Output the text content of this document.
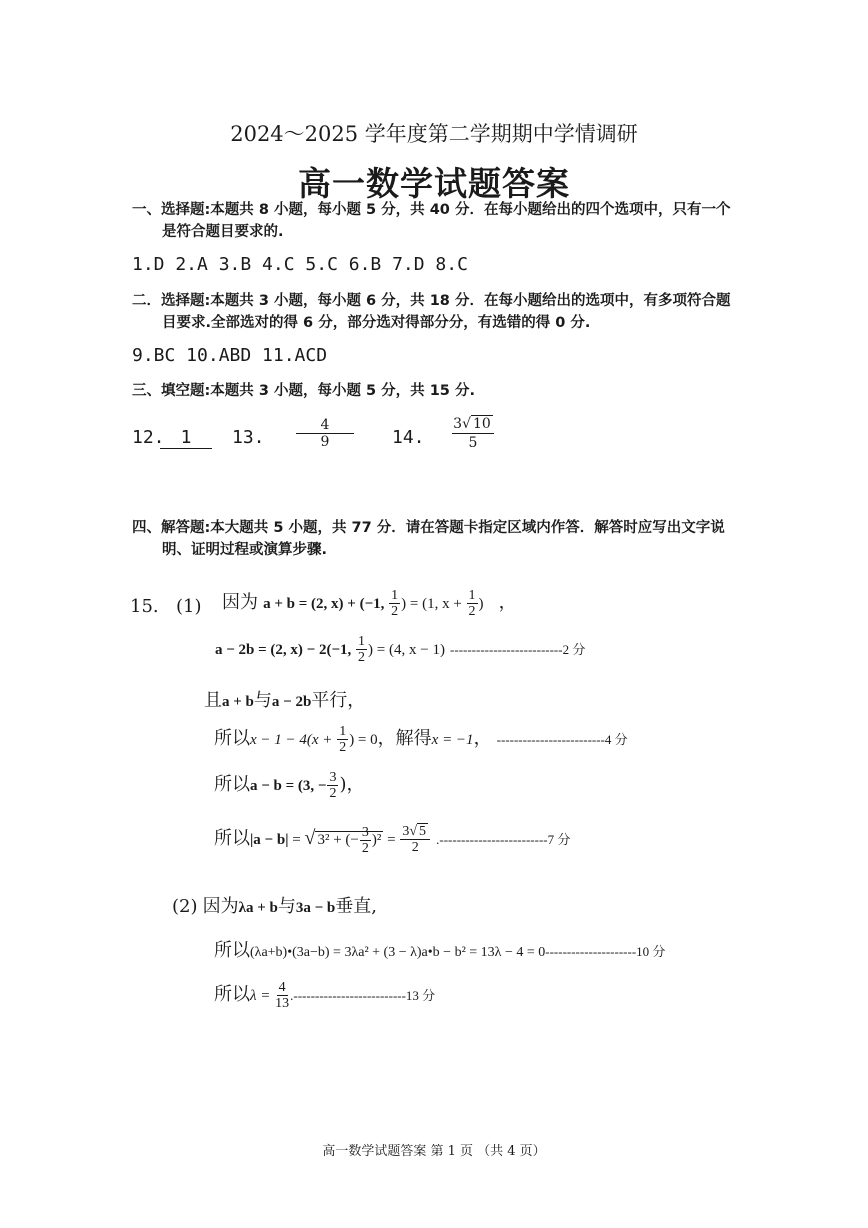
2024～2025 学年度第二学期期中学情调研
高一数学试题答案
一、选择题:本题共 8 小题，每小题 5 分，共 40 分．在每小题给出的四个选项中，只有一个
是符合题目要求的.
1.D 2.A 3.B 4.C 5.C 6.B 7.D 8.C
二．选择题:本题共 3 小题，每小题 6 分，共 18 分．在每小题给出的选项中，有多项符合题
目要求.全部选对的得 6 分，部分选对得部分分，有选错的得 0 分.
9.BC 10.ABD 11.ACD
三、填空题:本题共 3 小题，每小题 5 分，共 15 分.
12. 1	13. $\frac{4}{9} 14$. $\frac{3√ 10}{5}$
四、解答题:本大题共 5 小题，共 77 分．请在答题卡指定区域内作答．解答时应写出文字说
明、证明过程或演算步骤.
15. (1) 因为 a + b = (2, x) + (−1, $\frac{1}{2}$ ) = (1, $x + \frac{1}{2}$ ) ，
a − 2b = (2, x) − 2(−1, $\frac{1}{2}$ ) = (4, x − 1) --------------------------2 分
且a + b与a − 2b平行，
所以$x - 1 - 4(x + \frac{1}{2}$ ) = 0，解得x = −1， -------------------------4 分
所以a − b = (3, − $\frac{3}{2}$ )，
所以|a − b| = √ 3² + (− $\frac{3}{2} )^2 = \frac{3√ 5}{2} .-------------------------7$ 分
(2) 因为λa + b与3a − b垂直,
所以(λa+b)•(3a−b) = 3λa² + (3 − λ)a•b − b² = 13λ − 4 = 0---------------------10 分
所以$\lambda = \frac{4}{13} .--------------------------13$ 分
高一数学试题答案 第 1 页 （共 4 页）
